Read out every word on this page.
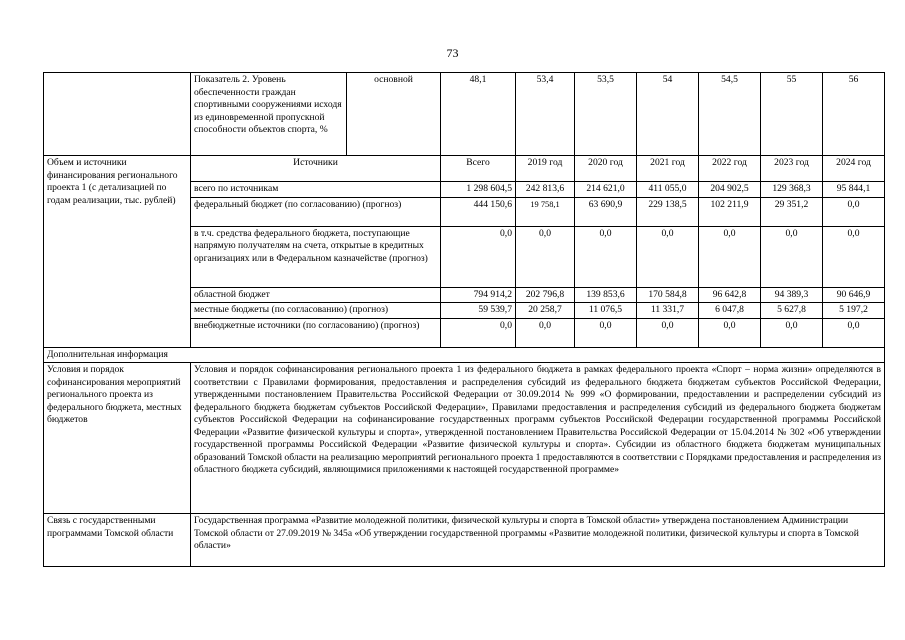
73
	Показатель 2. Уровень обеспеченности граждан спортивными сооружениями исходя из единовременной пропускной способности объектов спорта, %	основной	48,1	53,4	53,5	54	54,5	55	56
Объем и источники финансирования регионального проекта 1 (с детализацией по годам реализации, тыс. рублей)	Источники		Всего	2019 год	2020 год	2021 год	2022 год	2023 год	2024 год
	всего по источникам		1 298 604,5	242 813,6	214 621,0	411 055,0	204 902,5	129 368,3	95 844,1
	федеральный бюджет (по согласованию) (прогноз)		444 150,6	19 758,1	63 690,9	229 138,5	102 211,9	29 351,2	0,0
	в т.ч. средства федерального бюджета, поступающие напрямую получателям на счета, открытые в кредитных организациях или в Федеральном казначействе (прогноз)		0,0	0,0	0,0	0,0	0,0	0,0	0,0
	областной бюджет		794 914,2	202 796,8	139 853,6	170 584,8	96 642,8	94 389,3	90 646,9
	местные бюджеты (по согласованию) (прогноз)		59 539,7	20 258,7	11 076,5	11 331,7	6 047,8	5 627,8	5 197,2
	внебюджетные источники (по согласованию) (прогноз)		0,0	0,0	0,0	0,0	0,0	0,0	0,0
Дополнительная информация									
Условия и порядок софинансирования мероприятий регионального проекта из федерального бюджета, местных бюджетов	Условия и порядок софинансирования регионального проекта 1 из федерального бюджета в рамках федерального проекта «Спорт – норма жизни» определяются в соответствии с Правилами формирования, предоставления и распределения субсидий из федерального бюджета бюджетам субъектов Российской Федерации, утвержденными постановлением Правительства Российской Федерации от 30.09.2014 № 999 «О формировании, предоставлении и распределении субсидий из федерального бюджета бюджетам субъектов Российской Федерации», Правилами предоставления и распределения субсидий из федерального бюджета бюджетам субъектов Российской Федерации на софинансирование государственных программ субъектов Российской Федерации государственной программы Российской Федерации «Развитие физической культуры и спорта», утвержденной постановлением Правительства Российской Федерации от 15.04.2014 № 302 «Об утверждении государственной программы Российской Федерации «Развитие физической культуры и спорта». Субсидии из областного бюджета бюджетам муниципальных образований Томской области на реализацию мероприятий регионального проекта 1 предоставляются в соответствии с Порядками предоставления и распределения из областного бюджета субсидий, являющимися приложениями к настоящей государственной программе»								
Связь с государственными программами Томской области	Государственная программа «Развитие молодежной политики, физической культуры и спорта в Томской области» утверждена постановлением Администрации Томской области от 27.09.2019 № 345а «Об утверждении государственной программы «Развитие молодежной политики, физической культуры и спорта в Томской области»								
